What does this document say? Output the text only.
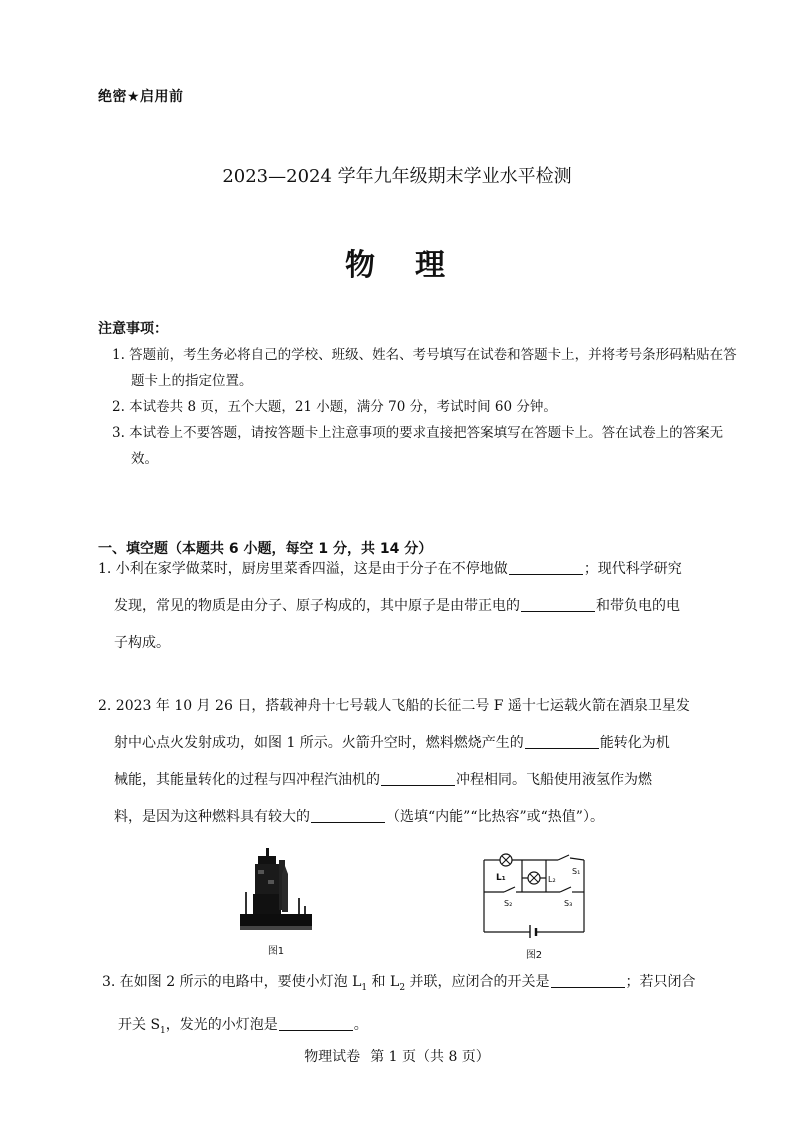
绝密★启用前
2023—2024 学年九年级期末学业水平检测
物 理
注意事项：

1. 答题前，考生务必将自己的学校、班级、姓名、考号填写在试卷和答题卡上，并将考号条形码粘贴在答题卡上的指定位置。

2. 本试卷共 8 页，五个大题，21 小题，满分 70 分，考试时间 60 分钟。

3. 本试卷上不要答题，请按答题卡上注意事项的要求直接把答案填写在答题卡上。答在试卷上的答案无效。

一、填空题（本题共 6 小题，每空 1 分，共 14 分）
1. 小利在家学做菜时，厨房里菜香四溢，这是由于分子在不停地做	；现代科学研究
发现，常见的物质是由分子、原子构成的，其中原子是由带正电的	和带负电的电
子构成。
2. 2023 年 10 月 26 日，搭载神舟十七号载人飞船的长征二号 F 遥十七运载火箭在酒泉卫星发
射中心点火发射成功，如图 1 所示。火箭升空时，燃料燃烧产生的	能转化为机
械能，其能量转化的过程与四冲程汽油机的	冲程相同。飞船使用液氢作为燃
料，是因为这种燃料具有较大的	（选填“内能”“比热容”或“热值”）。
图1
L₁	L₂
S₁
S₂	S₃
图2
3. 在如图 2 所示的电路中，要使小灯泡 $L_1$ 和 $L_2$ 并联，应闭合的开关是	；若只闭合
开关 $S_1$，发光的小灯泡是	。
物理试卷 第 1 页（共 8 页）
